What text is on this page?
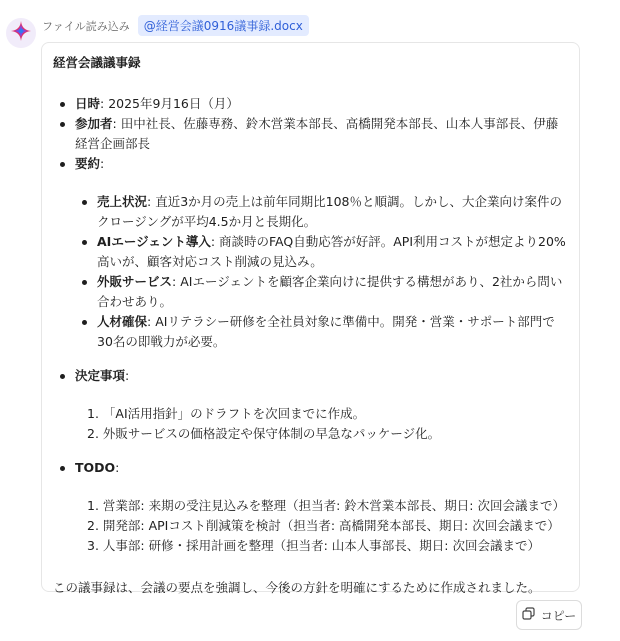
ファイル読み込み	@経営会議0916議事録.docx
経営会議議事録
日時: 2025年9月16日（月）
参加者: 田中社長、佐藤専務、鈴木営業本部長、高橋開発本部長、山本人事部長、伊藤経営企画部長
要約:
売上状況: 直近3か月の売上は前年同期比108％と順調。しかし、大企業向け案件のクロージングが平均4.5か月と長期化。
AIエージェント導入: 商談時のFAQ自動応答が好評。API利用コストが想定より20%高いが、顧客対応コスト削減の見込み。
外販サービス: AIエージェントを顧客企業向けに提供する構想があり、2社から問い合わせあり。
人材確保: AIリテラシー研修を全社員対象に準備中。開発・営業・サポート部門で30名の即戦力が必要。
決定事項:
1. 「AI活用指針」のドラフトを次回までに作成。
2. 外販サービスの価格設定や保守体制の早急なパッケージ化。
TODO:
1. 営業部: 来期の受注見込みを整理（担当者: 鈴木営業本部長、期日: 次回会議まで）
2. 開発部: APIコスト削減策を検討（担当者: 高橋開発本部長、期日: 次回会議まで）
3. 人事部: 研修・採用計画を整理（担当者: 山本人事部長、期日: 次回会議まで）
この議事録は、会議の要点を強調し、今後の方針を明確にするために作成されました。
コピー
